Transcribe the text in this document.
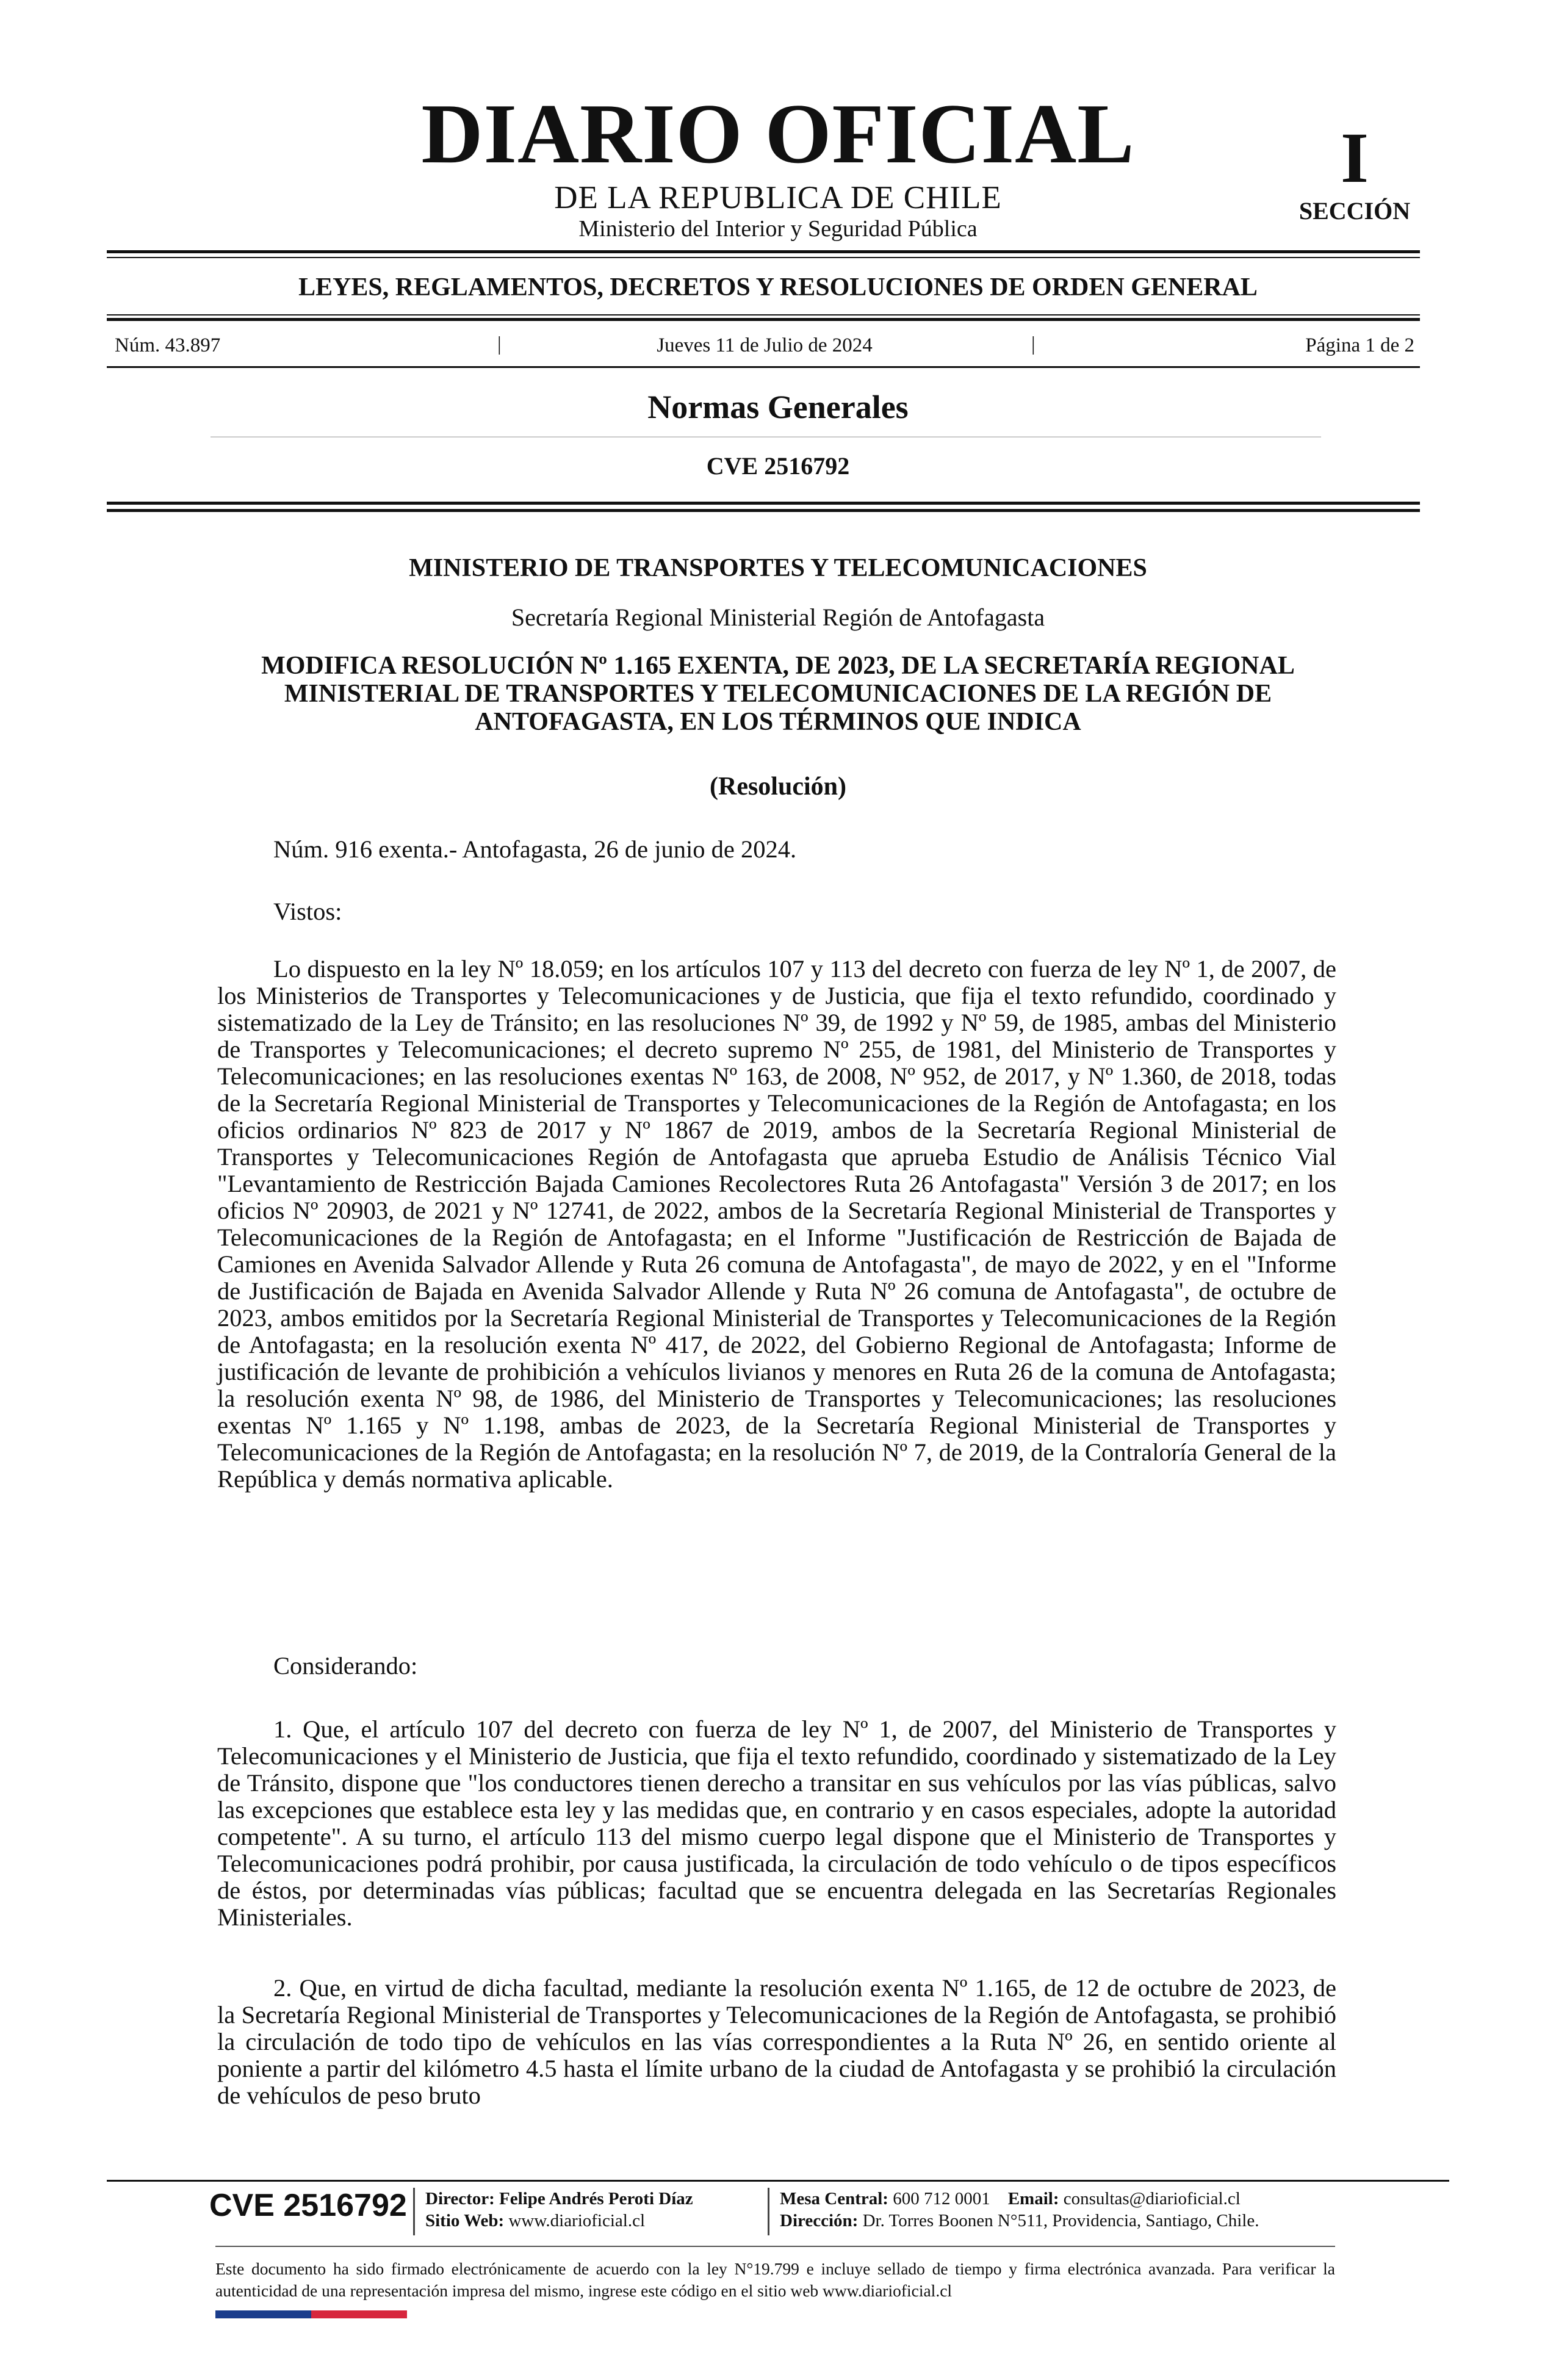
DIARIO OFICIAL
DE LA REPUBLICA DE CHILE
Ministerio del Interior y Seguridad Pública
I
SECCIÓN
LEYES, REGLAMENTOS, DECRETOS Y RESOLUCIONES DE ORDEN GENERAL
Núm. 43.897	|	Jueves 11 de Julio de 2024	|	Página 1 de 2
Normas Generales
CVE 2516792
MINISTERIO DE TRANSPORTES Y TELECOMUNICACIONES
Secretaría Regional Ministerial Región de Antofagasta
MODIFICA RESOLUCIÓN Nº 1.165 EXENTA, DE 2023, DE LA SECRETARÍA REGIONAL MINISTERIAL DE TRANSPORTES Y TELECOMUNICACIONES DE LA REGIÓN DE ANTOFAGASTA, EN LOS TÉRMINOS QUE INDICA
(Resolución)
Núm. 916 exenta.- Antofagasta, 26 de junio de 2024.
Vistos:
Lo dispuesto en la ley Nº 18.059; en los artículos 107 y 113 del decreto con fuerza de ley Nº 1, de 2007, de los Ministerios de Transportes y Telecomunicaciones y de Justicia, que fija el texto refundido, coordinado y sistematizado de la Ley de Tránsito; en las resoluciones Nº 39, de 1992 y Nº 59, de 1985, ambas del Ministerio de Transportes y Telecomunicaciones; el decreto supremo Nº 255, de 1981, del Ministerio de Transportes y Telecomunicaciones; en las resoluciones exentas Nº 163, de 2008, Nº 952, de 2017, y Nº 1.360, de 2018, todas de la Secretaría Regional Ministerial de Transportes y Telecomunicaciones de la Región de Antofagasta; en los oficios ordinarios Nº 823 de 2017 y Nº 1867 de 2019, ambos de la Secretaría Regional Ministerial de Transportes y Telecomunicaciones Región de Antofagasta que aprueba Estudio de Análisis Técnico Vial "Levantamiento de Restricción Bajada Camiones Recolectores Ruta 26 Antofagasta" Versión 3 de 2017; en los oficios Nº 20903, de 2021 y Nº 12741, de 2022, ambos de la Secretaría Regional Ministerial de Transportes y Telecomunicaciones de la Región de Antofagasta; en el Informe "Justificación de Restricción de Bajada de Camiones en Avenida Salvador Allende y Ruta 26 comuna de Antofagasta", de mayo de 2022, y en el "Informe de Justificación de Bajada en Avenida Salvador Allende y Ruta Nº 26 comuna de Antofagasta", de octubre de 2023, ambos emitidos por la Secretaría Regional Ministerial de Transportes y Telecomunicaciones de la Región de Antofagasta; en la resolución exenta Nº 417, de 2022, del Gobierno Regional de Antofagasta; Informe de justificación de levante de prohibición a vehículos livianos y menores en Ruta 26 de la comuna de Antofagasta; la resolución exenta Nº 98, de 1986, del Ministerio de Transportes y Telecomunicaciones; las resoluciones exentas Nº 1.165 y Nº 1.198, ambas de 2023, de la Secretaría Regional Ministerial de Transportes y Telecomunicaciones de la Región de Antofagasta; en la resolución Nº 7, de 2019, de la Contraloría General de la República y demás normativa aplicable.
Considerando:
1. Que, el artículo 107 del decreto con fuerza de ley Nº 1, de 2007, del Ministerio de Transportes y Telecomunicaciones y el Ministerio de Justicia, que fija el texto refundido, coordinado y sistematizado de la Ley de Tránsito, dispone que "los conductores tienen derecho a transitar en sus vehículos por las vías públicas, salvo las excepciones que establece esta ley y las medidas que, en contrario y en casos especiales, adopte la autoridad competente". A su turno, el artículo 113 del mismo cuerpo legal dispone que el Ministerio de Transportes y Telecomunicaciones podrá prohibir, por causa justificada, la circulación de todo vehículo o de tipos específicos de éstos, por determinadas vías públicas; facultad que se encuentra delegada en las Secretarías Regionales Ministeriales.
2. Que, en virtud de dicha facultad, mediante la resolución exenta Nº 1.165, de 12 de octubre de 2023, de la Secretaría Regional Ministerial de Transportes y Telecomunicaciones de la Región de Antofagasta, se prohibió la circulación de todo tipo de vehículos en las vías correspondientes a la Ruta Nº 26, en sentido oriente al poniente a partir del kilómetro 4.5 hasta el límite urbano de la ciudad de Antofagasta y se prohibió la circulación de vehículos de peso bruto
CVE 2516792 Director: Felipe Andrés Peroti Díaz
Sitio Web: www.diarioficial.cl
Mesa Central: 600 712 0001 Email: consultas@diarioficial.cl
Dirección: Dr. Torres Boonen N°511, Providencia, Santiago, Chile.
Este documento ha sido firmado electrónicamente de acuerdo con la ley N°19.799 e incluye sellado de tiempo y firma electrónica avanzada. Para verificar la autenticidad de una representación impresa del mismo, ingrese este código en el sitio web www.diarioficial.cl
